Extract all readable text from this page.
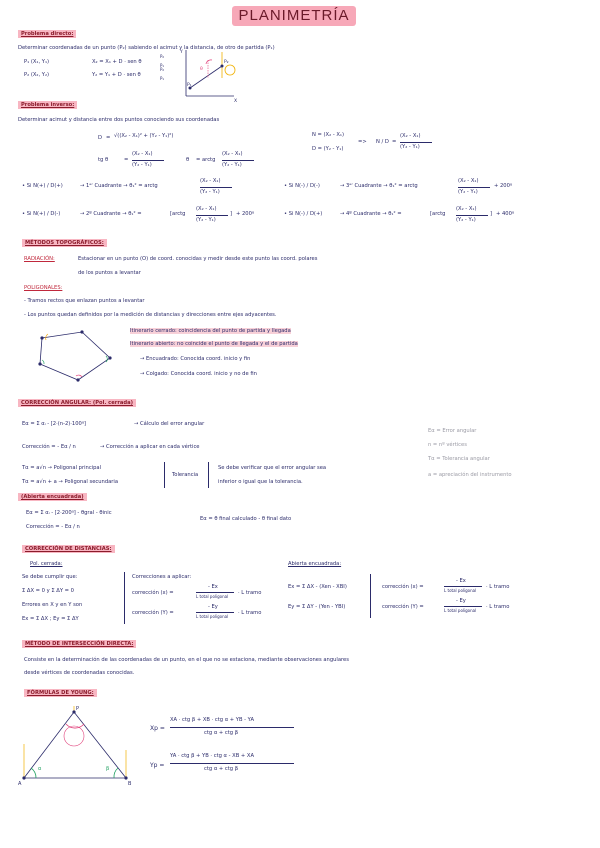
PLANIMETRÍA
Problema directo:
Determinar coordenadas de un punto (P₂) sabiendo el acimut y la distancia, de otro de partida (P₁)
P₁ (X₁, Y₁)
P₂ (X₂, Y₂)
X₂ = X₁ + D · sen θ
Y₂ = Y₁ + D · sen θ
P₂
P₁
P₂
P₁
P₁
P₂
θ
Y
X
Problema inverso:
Determinar acimut y distancia entre dos puntos conociendo sus coordenadas
D = √((X₂ - X₁)² + (Y₂ - Y₁)²)
tg θ	=
(X₂ - X₁)
(Y₂ - Y₁)
θ = arctg
(X₂ - X₁)
(Y₂ - Y₁)
N = (X₂ - X₁)
D = (Y₂ - Y₁)
=> N / D =
(X₂ - X₁)
(Y₂ - Y₁)
• Si N(+) / D(+)	→ 1ᵉʳ Cuadrante → θ₁² = arctg
(X₂ - X₁)
(Y₂ - Y₁)
• Si N(-) / D(-)	→ 3ᵉʳ Cuadrante → θ₁² = arctg
(X₂ - X₁)
(Y₂ - Y₁)
+ 200ᵍ
• Si N(+) / D(-)	→ 2º Cuadrante → θ₁² =	[arctg
(X₂ - X₁)
(Y₂ - Y₁)
] + 200ᵍ	• Si N(-) / D(+)	→ 4º Cuadrante → θ₁² =	[arctg
(X₂ - X₁)
(Y₂ - Y₁)
] + 400ᵍ
MÉTODOS TOPOGRÁFICOS:
RADIACIÓN:	Estacionar en un punto (O) de coord. conocidas y medir desde este punto las coord. polares
de los puntos a levantar
POLIGONALES:
- Tramos rectos que enlazan puntos a levantar
- Los puntos quedan definidos por la medición de distancias y direcciones entre ejes adyacentes.
Itinerario cerrado: coincidencia del punto de partida y llegada
Itinerario abierto: no coincide el punto de llegada y el de partida
→ Encuadrado: Conocida coord. inicio y fin
→ Colgado: Conocida coord. inicio y no de fin
CORRECCIÓN ANGULAR: (Pol. cerrada)
Eα = Σ αᵢ - [2·(n-2)·100ᵍ]	→ Cálculo del error angular
Corrección = - Eα / n	→ Corrección a aplicar en cada vértice
Tα = a√n → Poligonal principal
Tα = a√n + a → Poligonal secundaria
Tolerancia
Se debe verificar que el error angular sea
inferior o igual que la tolerancia.
Eα = Error angular
n = nº vértices
Tα = Tolerancia angular
a = apreciación del instrumento
(Abierta encuadrada)
Eα = Σ αᵢ - [2·200ᵍ] - θgral - θinic
Corrección = - Eα / n
Eα = θ final calculado - θ final dato
CORRECCIÓN DE DISTANCIAS:
Pol. cerrada:
Se debe cumplir que:
Σ ΔX = 0 y Σ ΔY = 0
Errores en X y en Y son
Ex = Σ ΔX ; Ey = Σ ΔY
Correcciones a aplicar:
corrección (x) =
- Ex
L total poligonal
· L tramo
corrección (Y) =
- Ey
L total poligonal
· L tramo
Abierta encuadrada:
Ex = Σ ΔX - (Xen - XBI)
Ey = Σ ΔY - (Yen - YBI)
corrección (x) =
- Ex
L total poligonal
· L tramo
corrección (Y) =
- Ey
L total poligonal
· L tramo
MÉTODO DE INTERSECCIÓN DIRECTA:
Consiste en la determinación de las coordenadas de un punto, en el que no se estaciona, mediante observaciones angulares
desde vértices de coordenadas conocidas.
FÓRMULAS DE YOUNG:
A	B
P
α	β
Xp =
XA · ctg β + XB · ctg α + YB - YA
ctg α + ctg β
Yp =
YA · ctg β + YB · ctg α - XB + XA
ctg α + ctg β
